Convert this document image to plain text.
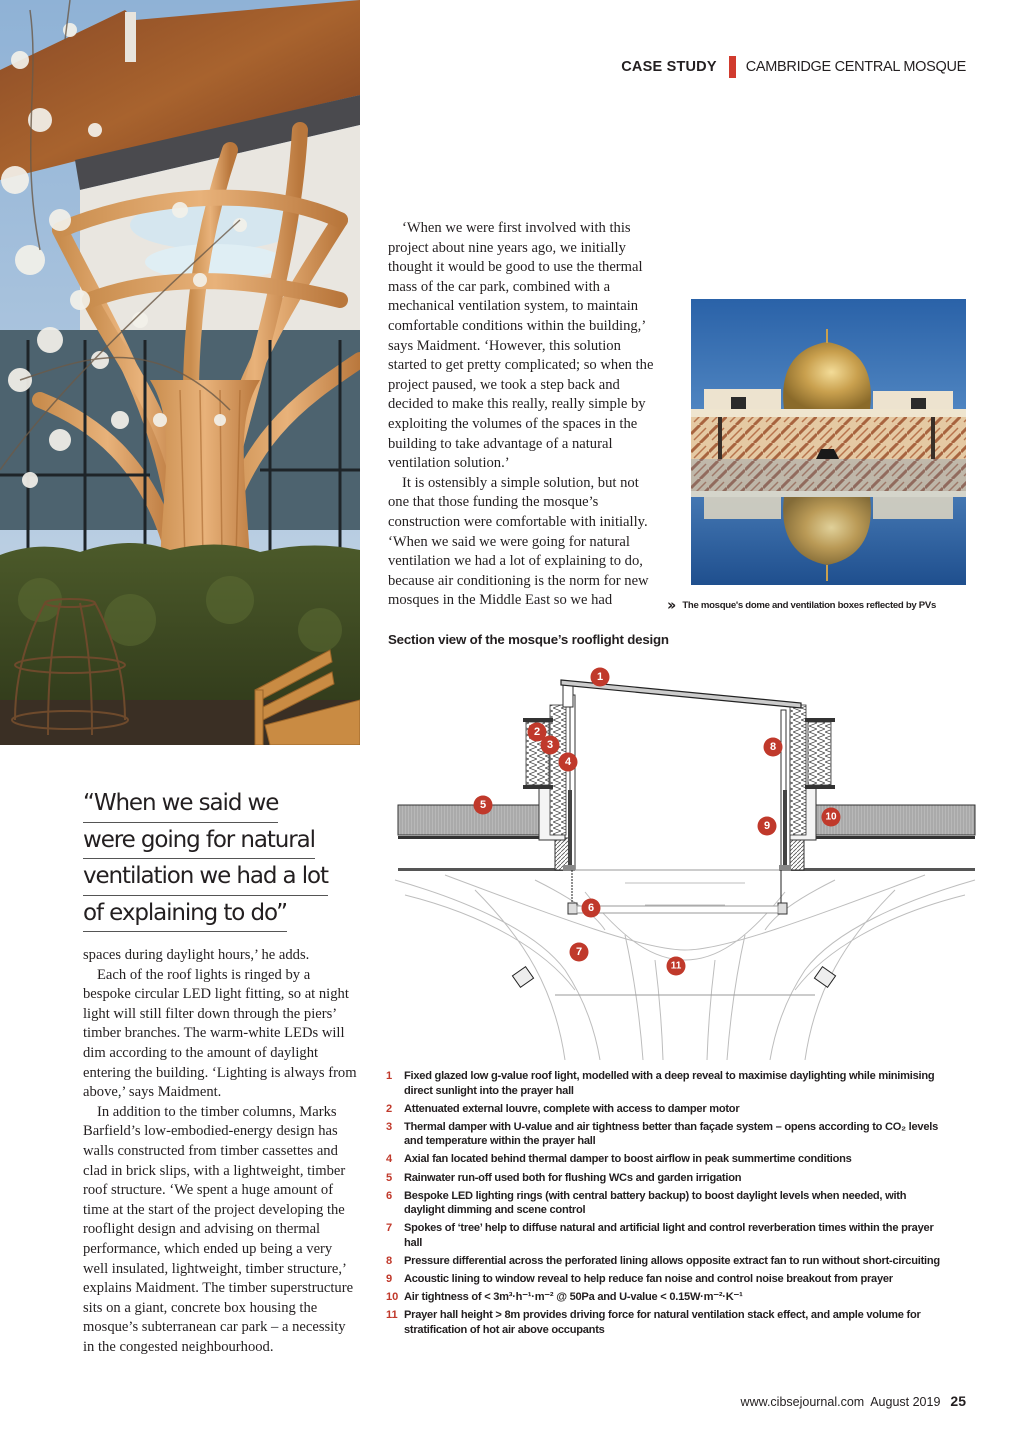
CASE STUDY CAMBRIDGE CENTRAL MOSQUE

‘When we were first involved with this project about nine years ago, we initially thought it would be good to use the thermal mass of the car park, combined with a mechanical ventilation system, to maintain comfortable conditions within the building,’ says Maidment. ‘However, this solution started to get pretty complicated; so when the project paused, we took a step back and decided to make this really, really simple by exploiting the volumes of the spaces in the building to take advantage of a natural ventilation solution.’

It is ostensibly a simple solution, but not one that those funding the mosque’s construction were comfortable with initially. ‘When we said we were going for natural ventilation we had a lot of explaining to do, because air conditioning is the norm for new mosques in the Middle East so we had	›› The mosque's dome and ventilation boxes reflected by PVs
Section view of the mosque’s rooflight design
1
2
3
4
5
6
7
8
9
10
11
“When we said we
were going for natural
ventilation we had a lot
of explaining to do”

spaces during daylight hours,’ he adds.

Each of the roof lights is ringed by a bespoke circular LED light fitting, so at night light will still filter down through the piers’ timber branches. The warm-white LEDs will dim according to the amount of daylight entering the building. ‘Lighting is always from above,’ says Maidment.

In addition to the timber columns, Marks Barfield’s low-embodied-energy design has walls constructed from timber cassettes and clad in brick slips, with a lightweight, timber roof structure. ‘We spent a huge amount of time at the start of the project developing the rooflight design and advising on thermal performance, which ended up being a very well insulated, lightweight, timber structure,’ explains Maidment. The timber superstructure sits on a giant, concrete box housing the mosque’s subterranean car park – a necessity in the congested neighbourhood.

1	Fixed glazed low g-value roof light, modelled with a deep reveal to maximise daylighting while minimising direct sunlight into the prayer hall
2	Attenuated external louvre, complete with access to damper motor
3	Thermal damper with U-value and air tightness better than façade system – opens according to CO₂ levels and temperature within the prayer hall
4	Axial fan located behind thermal damper to boost airflow in peak summertime conditions
5	Rainwater run-off used both for flushing WCs and garden irrigation
6	Bespoke LED lighting rings (with central battery backup) to boost daylight levels when needed, with daylight dimming and scene control
7	Spokes of ‘tree’ help to diffuse natural and artificial light and control reverberation times within the prayer hall
8	Pressure differential across the perforated lining allows opposite extract fan to run without short-circuiting
9	Acoustic lining to window reveal to help reduce fan noise and control noise breakout from prayer
10 Air tightness of < 3m³·h⁻¹·m⁻² @ 50Pa and U-value < 0.15W·m⁻²·K⁻¹
11 Prayer hall height > 8m provides driving force for natural ventilation stack effect, and ample volume for stratification of hot air above occupants
www.cibsejournal.com August 2019 25
